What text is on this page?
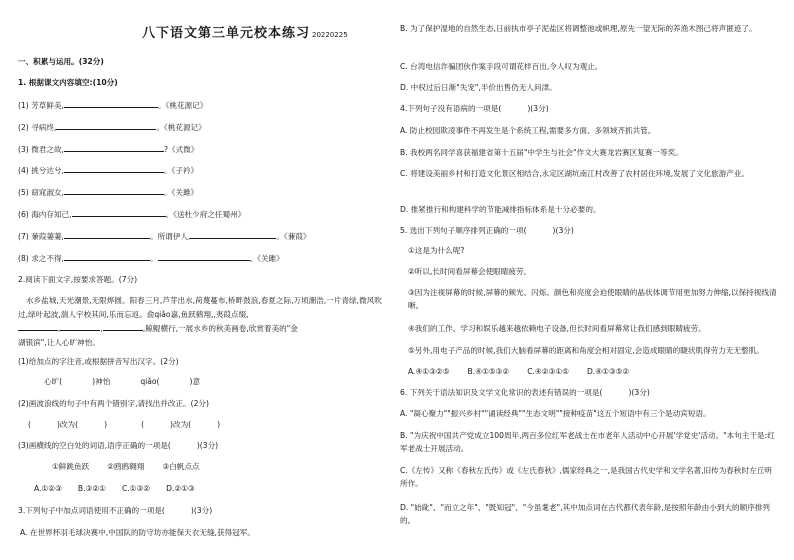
八下语文第三单元校本练习 20220225
一、积累与运用。(32分)
1. 根据课文内容填空:(10分)
(1) 芳草鲜美,	。《桃花源记》
(2) 寻病终,	。《桃花源记》
(3) 微君之故,	?《式微》
(4) 挑兮达兮,	。《子衿》
(5) 窈窕淑女,	。《关雎》
(6) 海内存知己,	。《送杜少府之任蜀州》
(7) 蒹葭萋萋,	。所谓伊人,	。《蒹葭》
(8) 求之不得,	。	。《关雎》
2.阅读下面文字,按要求答题。(7分)
水乡盐城,天光潮景,无限烨圆。阳春三月,芦芽出水,荷蔑蔓布,桥畔鼓浪,春夏之际,万顷潮浩,一片青绿,微风吹过,绿叶起波,湍人宇校其间,乐而忘返。俞qiǎo嘉,鱼跃鹤翔,,夷葭点缀,
,	,	,鲸鲲横行,一展水乡的秋美画卷,欣赏着美的"金
湖银滨",让人心旷神怡。
(1)给加点的字注音,或根据拼音写出汉字。(2分)
心旷(	)神怡	qiǎo(	)意
(2)画波浪线的句子中有两个错别字,请找出并改正。(2分)
(	)改为(	)	(	)改为(	)
(3)画横线的空白处的词语,语序正确的一项是(	)(3分)
①鲜跳鱼跃 ②鸥鸥翱翔 ③白帆点点
A.①②③ B.③②① C.①③② D.②①③
3.下列句子中加点词语使用不正确的一项是(	)(3分)
A. 在世界杯羽毛球决赛中,中国队的防守坊亦能保天衣无缝,获得冠军。
B. 为了保护湿地的自然生态,日前执市亭子泥盐区将调整池或帜理,原先一望无际的养渔木图己将声匿迹了。
C. 台湾电信诈骗团伙作案手段可谓花样百出,令人叹为观止。
D. 中权过后日渐"失宠",半价出售仍无人问津。
4.下列句子没有语病的一项是(	)(3分)
A. 防止校园欺凌事件不再发生是个系统工程,需要多方面、多领域齐抓共管。
B. 我校两名同学喜获福建省第十五届"中学生与社会"作文大赛龙岩赛区复赛一等奖。
C. 将建设美丽乡村和打造文化景区相结合,永定区湖坑南江村改善了农村居住环境,发展了文化旅游产业。
D. 推紧推行和构建科学的节能减排指标体系是十分必要的。
5. 选出下列句子顺序排列正确的一项(	)(3分)
①这是为什么呢?
②听以,长时间看屏幕会使眼睛疲劳。
③因为注视屏幕的时候,屏幕的频光、闪烁、颜色和亮度会迫使眼睛的晶状体调节用更加努力伸缩,以保持视线清晰。
④我们的工作、学习和娱乐越来越依赖电子设备,但长时间看屏幕常让我们感到眼睛疲劳。
⑤另外,用电子产品的时候,我们大脑看屏幕的距离和角度会相对固定,会造成眼睛的睫状肌得劳力无无整肌。
A.④①③②⑤ B.④①⑤③② C.④②③①⑤ D.④①③⑤②
6. 下列关于语法知识及文学文化常识的表述有错误的一项是(	)(3分)
A. "凝心聚力""振兴乡村""诵读经典""生态文明""接种疫苗"这五个短语中有三个是动宾短语。
B. "为庆祝中国共产党成立100周年,两百多位红军老战士在市老年人活动中心开展'学党史'活动。"本句主干是:红军老战士开展活动。
C.《左传》又称《春秋左氏传》或《左氏春秋》,儒家经典之一,是我国古代史学和文学名著,旧传为春秋时左丘明所作。
D. "始龀"、"而立之年"、"既知冠"、"今虽耄老",其中加点词在古代都代表年龄,是按照年龄由小到大的顺序排列的。
